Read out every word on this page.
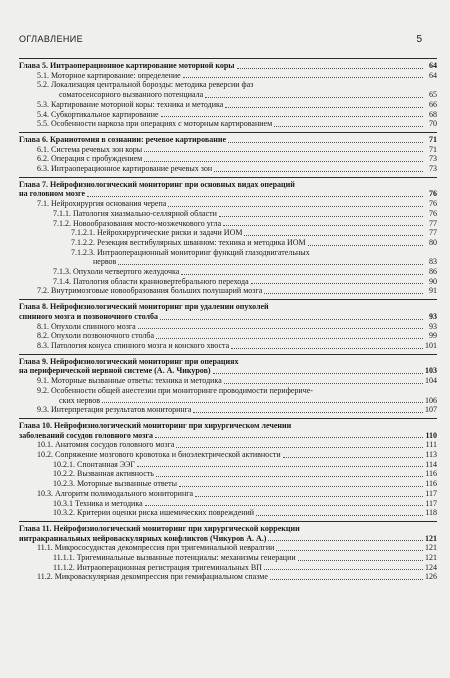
ОГЛАВЛЕНИЕ	5
Глава 5. Интраоперационное картирование моторной коры	64
5.1. Моторное картирование: определение	64
5.2. Локализация центральной борозды: методика реверсии фаз
соматосенсорного вызванного потенциала	65
5.3. Картирование моторной коры: техника и методика	66
5.4. Субкортикальное картирование	68
5.5. Особенности наркоза при операциях с моторным картированием	70
Глава 6. Краниотомия в сознании: речевое картирование	71
6.1. Система речевых зон коры	71
6.2. Операция с пробуждением	73
6.3. Интраоперационное картирование речевых зон	73
Глава 7. Нейрофизиологический мониторинг при основных видах операций
на головном мозге	76
7.1. Нейрохирургия основания черепа	76
7.1.1. Патология хиазмально-селлярной области	76
7.1.2. Новообразования мосто-мозжечкового угла	77
7.1.2.1. Нейрохирургические риски и задачи ИОМ	77
7.1.2.2. Резекция вестибулярных шванном: техника и методика ИОМ	80
7.1.2.3. Интраоперационный мониторинг функций глазодвигательных
нервов	83
7.1.3. Опухоли четвертого желудочка	86
7.1.4. Патология области краниовертебрального перехода	90
7.2. Внутримозговые новообразования больших полушарий мозга	91
Глава 8. Нейрофизиологический мониторинг при удалении опухолей
спинного мозга и позвоночного столба	93
8.1. Опухоли спинного мозга	93
8.2. Опухоли позвоночного столба	99
8.3. Патология конуса спинного мозга и конского хвоста	101
Глава 9. Нейрофизиологический мониторинг при операциях
на периферической нервной системе (А. А. Чикуров)	103
9.1. Моторные вызванные ответы: техника и методика	104
9.2. Особенности общей анестезии при мониторинге проводимости перифериче-
ских нервов	106
9.3. Интерпретация результатов мониторинга	107
Глава 10. Нейрофизиологический мониторинг при хирургическом лечении
заболеваний сосудов головного мозга	110
10.1. Анатомия сосудов головного мозга	111
10.2. Сопряжение мозгового кровотока и биоэлектрической активности	113
10.2.1. Спонтанная ЭЭГ	114
10.2.2. Вызванная активность	116
10.2.3. Моторные вызванные ответы	116
10.3. Алгоритм полимодального мониторинга	117
10.3.1 Техника и методика	117
10.3.2. Критерии оценки риска ишемических повреждений	118
Глава 11. Нейрофизиологический мониторинг при хирургической коррекции
интракраниальных нейроваскулярных конфликтов (Чикуров А. А.)	121
11.1. Микрососудистая декомпрессия при тригеминальной невралгии	121
11.1.1. Тригеминальные вызванные потенциалы: механизмы генерации	121
11.1.2. Интраоперационная регистрация тригеминальных ВП	124
11.2. Микроваскулярная декомпрессия при гемифациальном спазме	126
